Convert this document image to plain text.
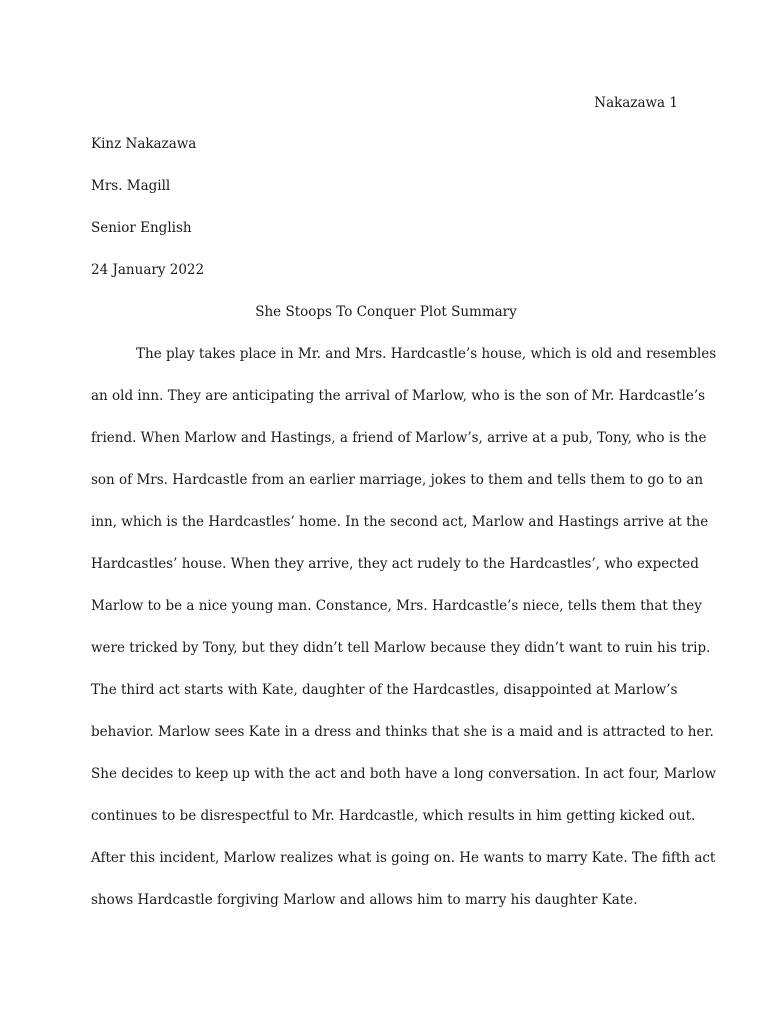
Nakazawa 1
Kinz Nakazawa
Mrs. Magill
Senior English
24 January 2022
She Stoops To Conquer Plot Summary
The play takes place in Mr. and Mrs. Hardcastle’s house, which is old and resembles
an old inn. They are anticipating the arrival of Marlow, who is the son of Mr. Hardcastle’s
friend. When Marlow and Hastings, a friend of Marlow’s, arrive at a pub, Tony, who is the
son of Mrs. Hardcastle from an earlier marriage, jokes to them and tells them to go to an
inn, which is the Hardcastles’ home. In the second act, Marlow and Hastings arrive at the
Hardcastles’ house. When they arrive, they act rudely to the Hardcastles’, who expected
Marlow to be a nice young man. Constance, Mrs. Hardcastle’s niece, tells them that they
were tricked by Tony, but they didn’t tell Marlow because they didn’t want to ruin his trip.
The third act starts with Kate, daughter of the Hardcastles, disappointed at Marlow’s
behavior. Marlow sees Kate in a dress and thinks that she is a maid and is attracted to her.
She decides to keep up with the act and both have a long conversation. In act four, Marlow
continues to be disrespectful to Mr. Hardcastle, which results in him getting kicked out.
After this incident, Marlow realizes what is going on. He wants to marry Kate. The fifth act
shows Hardcastle forgiving Marlow and allows him to marry his daughter Kate.
